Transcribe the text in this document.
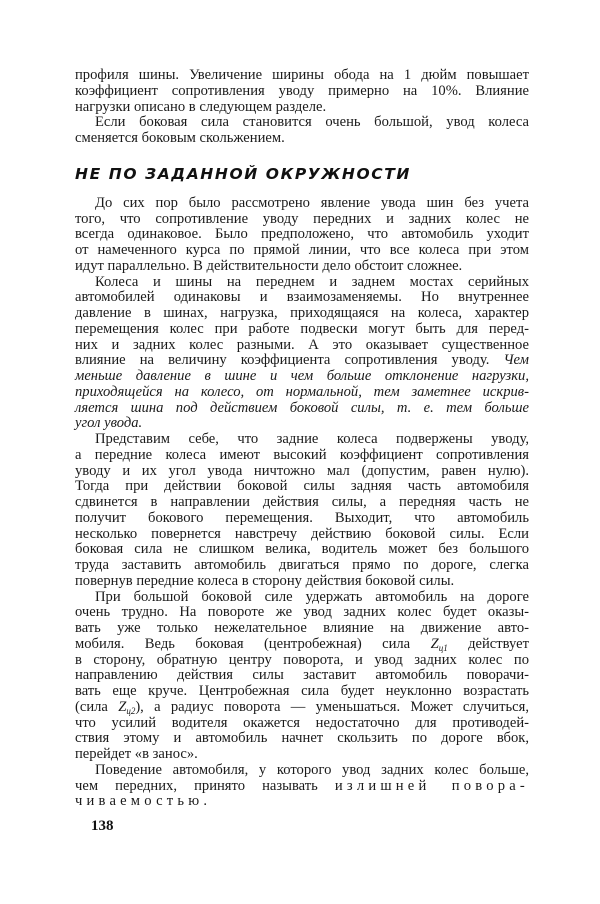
профиля шины. Увеличение ширины обода на 1 дюйм повышает
коэффициент сопротивления уводу примерно на 10%. Влияние
нагрузки описано в следующем разделе.
Если боковая сила становится очень большой, увод колеса
сменяется боковым скольжением.
НЕ ПО ЗАДАННОЙ ОКРУЖНОСТИ
До сих пор было рассмотрено явление увода шин без учета
того, что сопротивление уводу передних и задних колес не
всегда одинаковое. Было предположено, что автомобиль уходит
от намеченного курса по прямой линии, что все колеса при этом
идут параллельно. В действительности дело обстоит сложнее.
Колеса и шины на переднем и заднем мостах серийных
автомобилей одинаковы и взаимозаменяемы. Но внутреннее
давление в шинах, нагрузка, приходящаяся на колеса, характер
перемещения колес при работе подвески могут быть для перед-
них и задних колес разными. А это оказывает существенное
влияние на величину коэффициента сопротивления уводу. Чем
меньше давление в шине и чем больше отклонение нагрузки,
приходящейся на колесо, от нормальной, тем заметнее искрив-
ляется шина под действием боковой силы, т. е. тем больше
угол увода.
Представим себе, что задние колеса подвержены уводу,
а передние колеса имеют высокий коэффициент сопротивления
уводу и их угол увода ничтожно мал (допустим, равен нулю).
Тогда при действии боковой силы задняя часть автомобиля
сдвинется в направлении действия силы, а передняя часть не
получит бокового перемещения. Выходит, что автомобиль
несколько повернется навстречу действию боковой силы. Если
боковая сила не слишком велика, водитель может без большого
труда заставить автомобиль двигаться прямо по дороге, слегка
повернув передние колеса в сторону действия боковой силы.
При большой боковой силе удержать автомобиль на дороге
очень трудно. На повороте же увод задних колес будет оказы-
вать уже только нежелательное влияние на движение авто-
мобиля. Ведь боковая (центробежная) сила $Z_{ц1}$ действует
в сторону, обратную центру поворота, и увод задних колес по
направлению действия силы заставит автомобиль поворачи-
вать еще круче. Центробежная сила будет неуклонно возрастать
(сила $Z_{ц2}$), а радиус поворота — уменьшаться. Может случиться,
что усилий водителя окажется недостаточно для противодей-
ствия этому и автомобиль начнет скользить по дороге вбок,
перейдет «в занос».
Поведение автомобиля, у которого увод задних колес больше,
чем передних, принято называть излишней повора-
чиваемостью.
138
